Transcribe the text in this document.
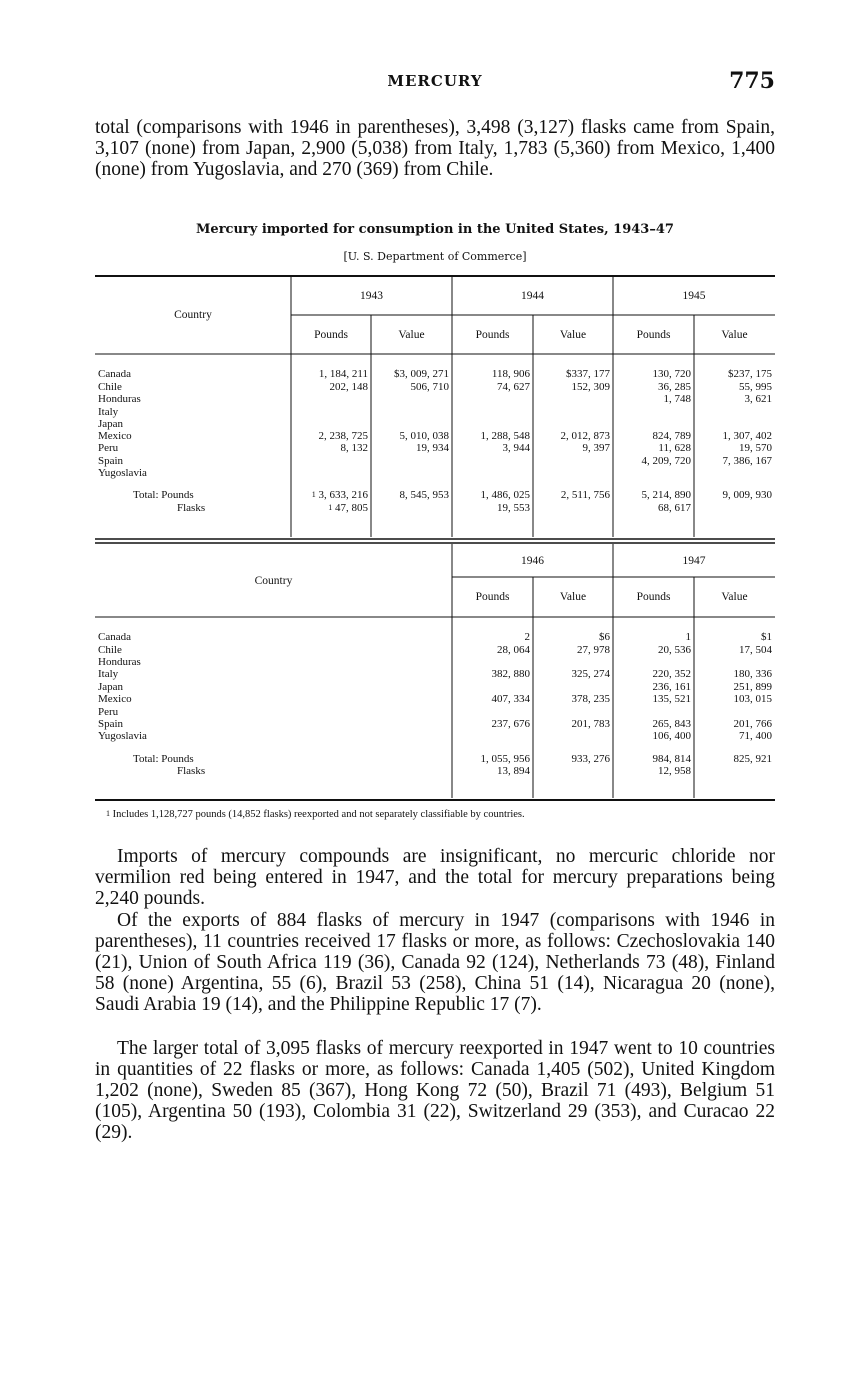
MERCURY	775
total (comparisons with 1946 in parentheses), 3,498 (3,127) flasks came from Spain, 3,107 (none) from Japan, 2,900 (5,038) from Italy, 1,783 (5,360) from Mexico, 1,400 (none) from Yugoslavia, and 270 (369) from Chile.
Mercury imported for consumption in the United States, 1943–47
[U. S. Department of Commerce]
Country	1943		1944		1945	
	Pounds	Value	Pounds	Value	Pounds	Value

Canada	1, 184, 211	$3, 009, 271	118, 906	$337, 177	130, 720	$237, 175
Chile	202, 148	506, 710	74, 627	152, 309	36, 285	55, 995
Honduras					1, 748	3, 621
Italy						
Japan						
Mexico	2, 238, 725	5, 010, 038	1, 288, 548	2, 012, 873	824, 789	1, 307, 402
Peru	8, 132	19, 934	3, 944	9, 397	11, 628	19, 570
Spain					4, 209, 720	7, 386, 167
Yugoslavia						

Total: Pounds	$^1$ 3, 633, 216	8, 545, 953	1, 486, 025	2, 511, 756	5, 214, 890	9, 009, 930
Flasks	$^1$ 47, 805		19, 553		68, 617	
Country	1946		1947	
	Pounds	Value	Pounds	Value

Canada	2	$6	1	$1
Chile	28, 064	27, 978	20, 536	17, 504
Honduras				
Italy	382, 880	325, 274	220, 352	180, 336
Japan			236, 161	251, 899
Mexico	407, 334	378, 235	135, 521	103, 015
Peru				
Spain	237, 676	201, 783	265, 843	201, 766
Yugoslavia			106, 400	71, 400

Total: Pounds	1, 055, 956	933, 276	984, 814	825, 921
Flasks	13, 894		12, 958	
$^1$ Includes 1,128,727 pounds (14,852 flasks) reexported and not separately classifiable by countries.
Imports of mercury compounds are insignificant, no mercuric chloride nor vermilion red being entered in 1947, and the total for mercury preparations being 2,240 pounds.
Of the exports of 884 flasks of mercury in 1947 (comparisons with 1946 in parentheses), 11 countries received 17 flasks or more, as follows: Czechoslovakia 140 (21), Union of South Africa 119 (36), Canada 92 (124), Netherlands 73 (48), Finland 58 (none) Argentina, 55 (6), Brazil 53 (258), China 51 (14), Nicaragua 20 (none), Saudi Arabia 19 (14), and the Philippine Republic 17 (7).
The larger total of 3,095 flasks of mercury reexported in 1947 went to 10 countries in quantities of 22 flasks or more, as follows: Canada 1,405 (502), United Kingdom 1,202 (none), Sweden 85 (367), Hong Kong 72 (50), Brazil 71 (493), Belgium 51 (105), Argentina 50 (193), Colombia 31 (22), Switzerland 29 (353), and Curacao 22 (29).
